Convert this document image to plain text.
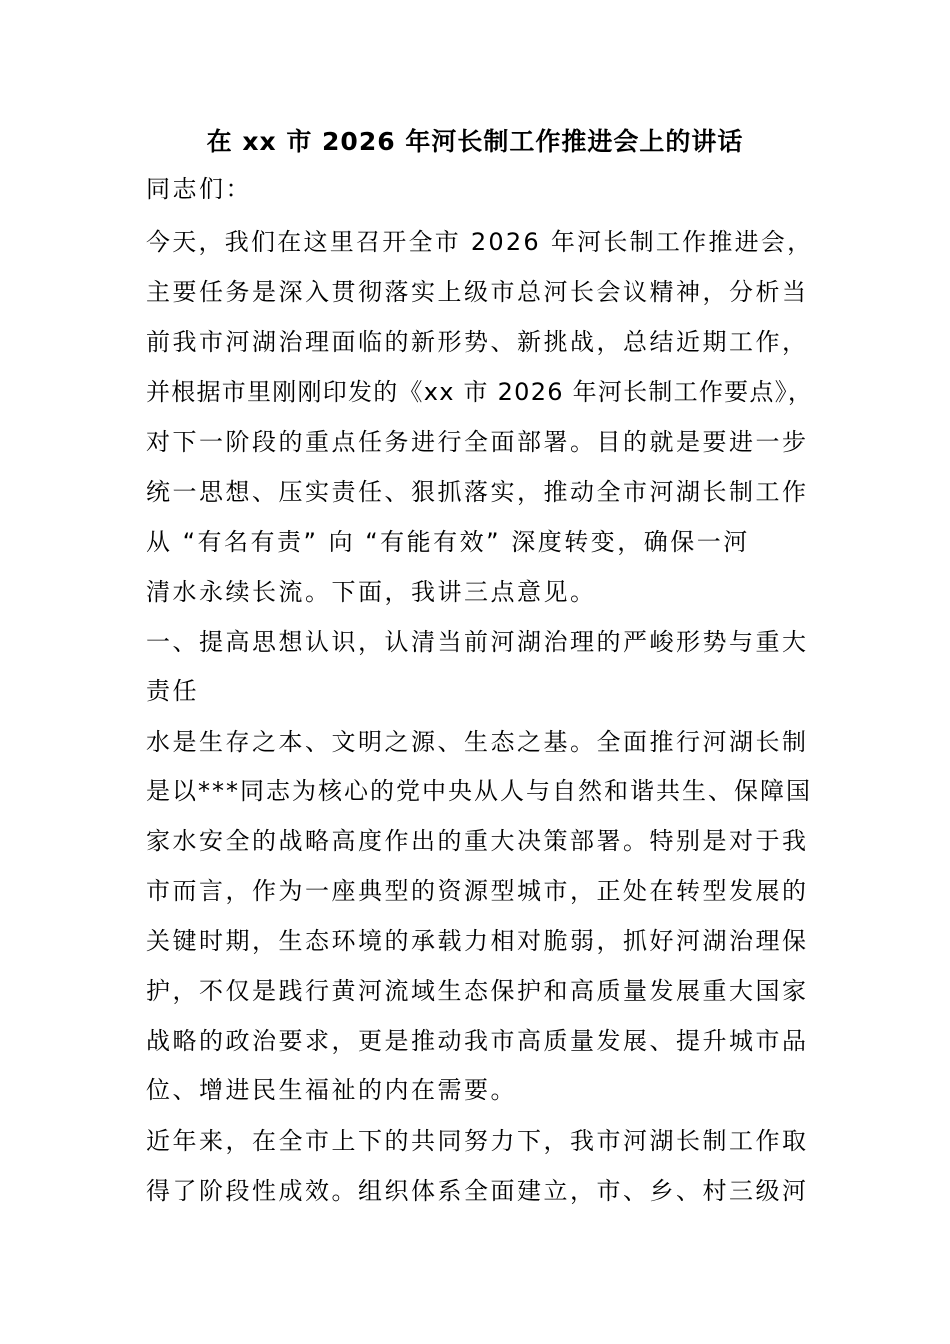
在 xx 市 2026 年河长制工作推进会上的讲话
同志们：
今天，我们在这里召开全市 2026 年河长制工作推进会，
主要任务是深入贯彻落实上级市总河长会议精神，分析当
前我市河湖治理面临的新形势、新挑战，总结近期工作，
并根据市里刚刚印发的《xx 市 2026 年河长制工作要点》，
对下一阶段的重点任务进行全面部署。目的就是要进一步
统一思想、压实责任、狠抓落实，推动全市河湖长制工作
从 “有名有责” 向 “有能有效” 深度转变，确保一河
清水永续长流。下面，我讲三点意见。
一、提高思想认识，认清当前河湖治理的严峻形势与重大
责任
水是生存之本、文明之源、生态之基。全面推行河湖长制
是以***同志为核心的党中央从人与自然和谐共生、保障国
家水安全的战略高度作出的重大决策部署。特别是对于我
市而言，作为一座典型的资源型城市，正处在转型发展的
关键时期，生态环境的承载力相对脆弱，抓好河湖治理保
护，不仅是践行黄河流域生态保护和高质量发展重大国家
战略的政治要求，更是推动我市高质量发展、提升城市品
位、增进民生福祉的内在需要。
近年来，在全市上下的共同努力下，我市河湖长制工作取
得了阶段性成效。组织体系全面建立，市、乡、村三级河
